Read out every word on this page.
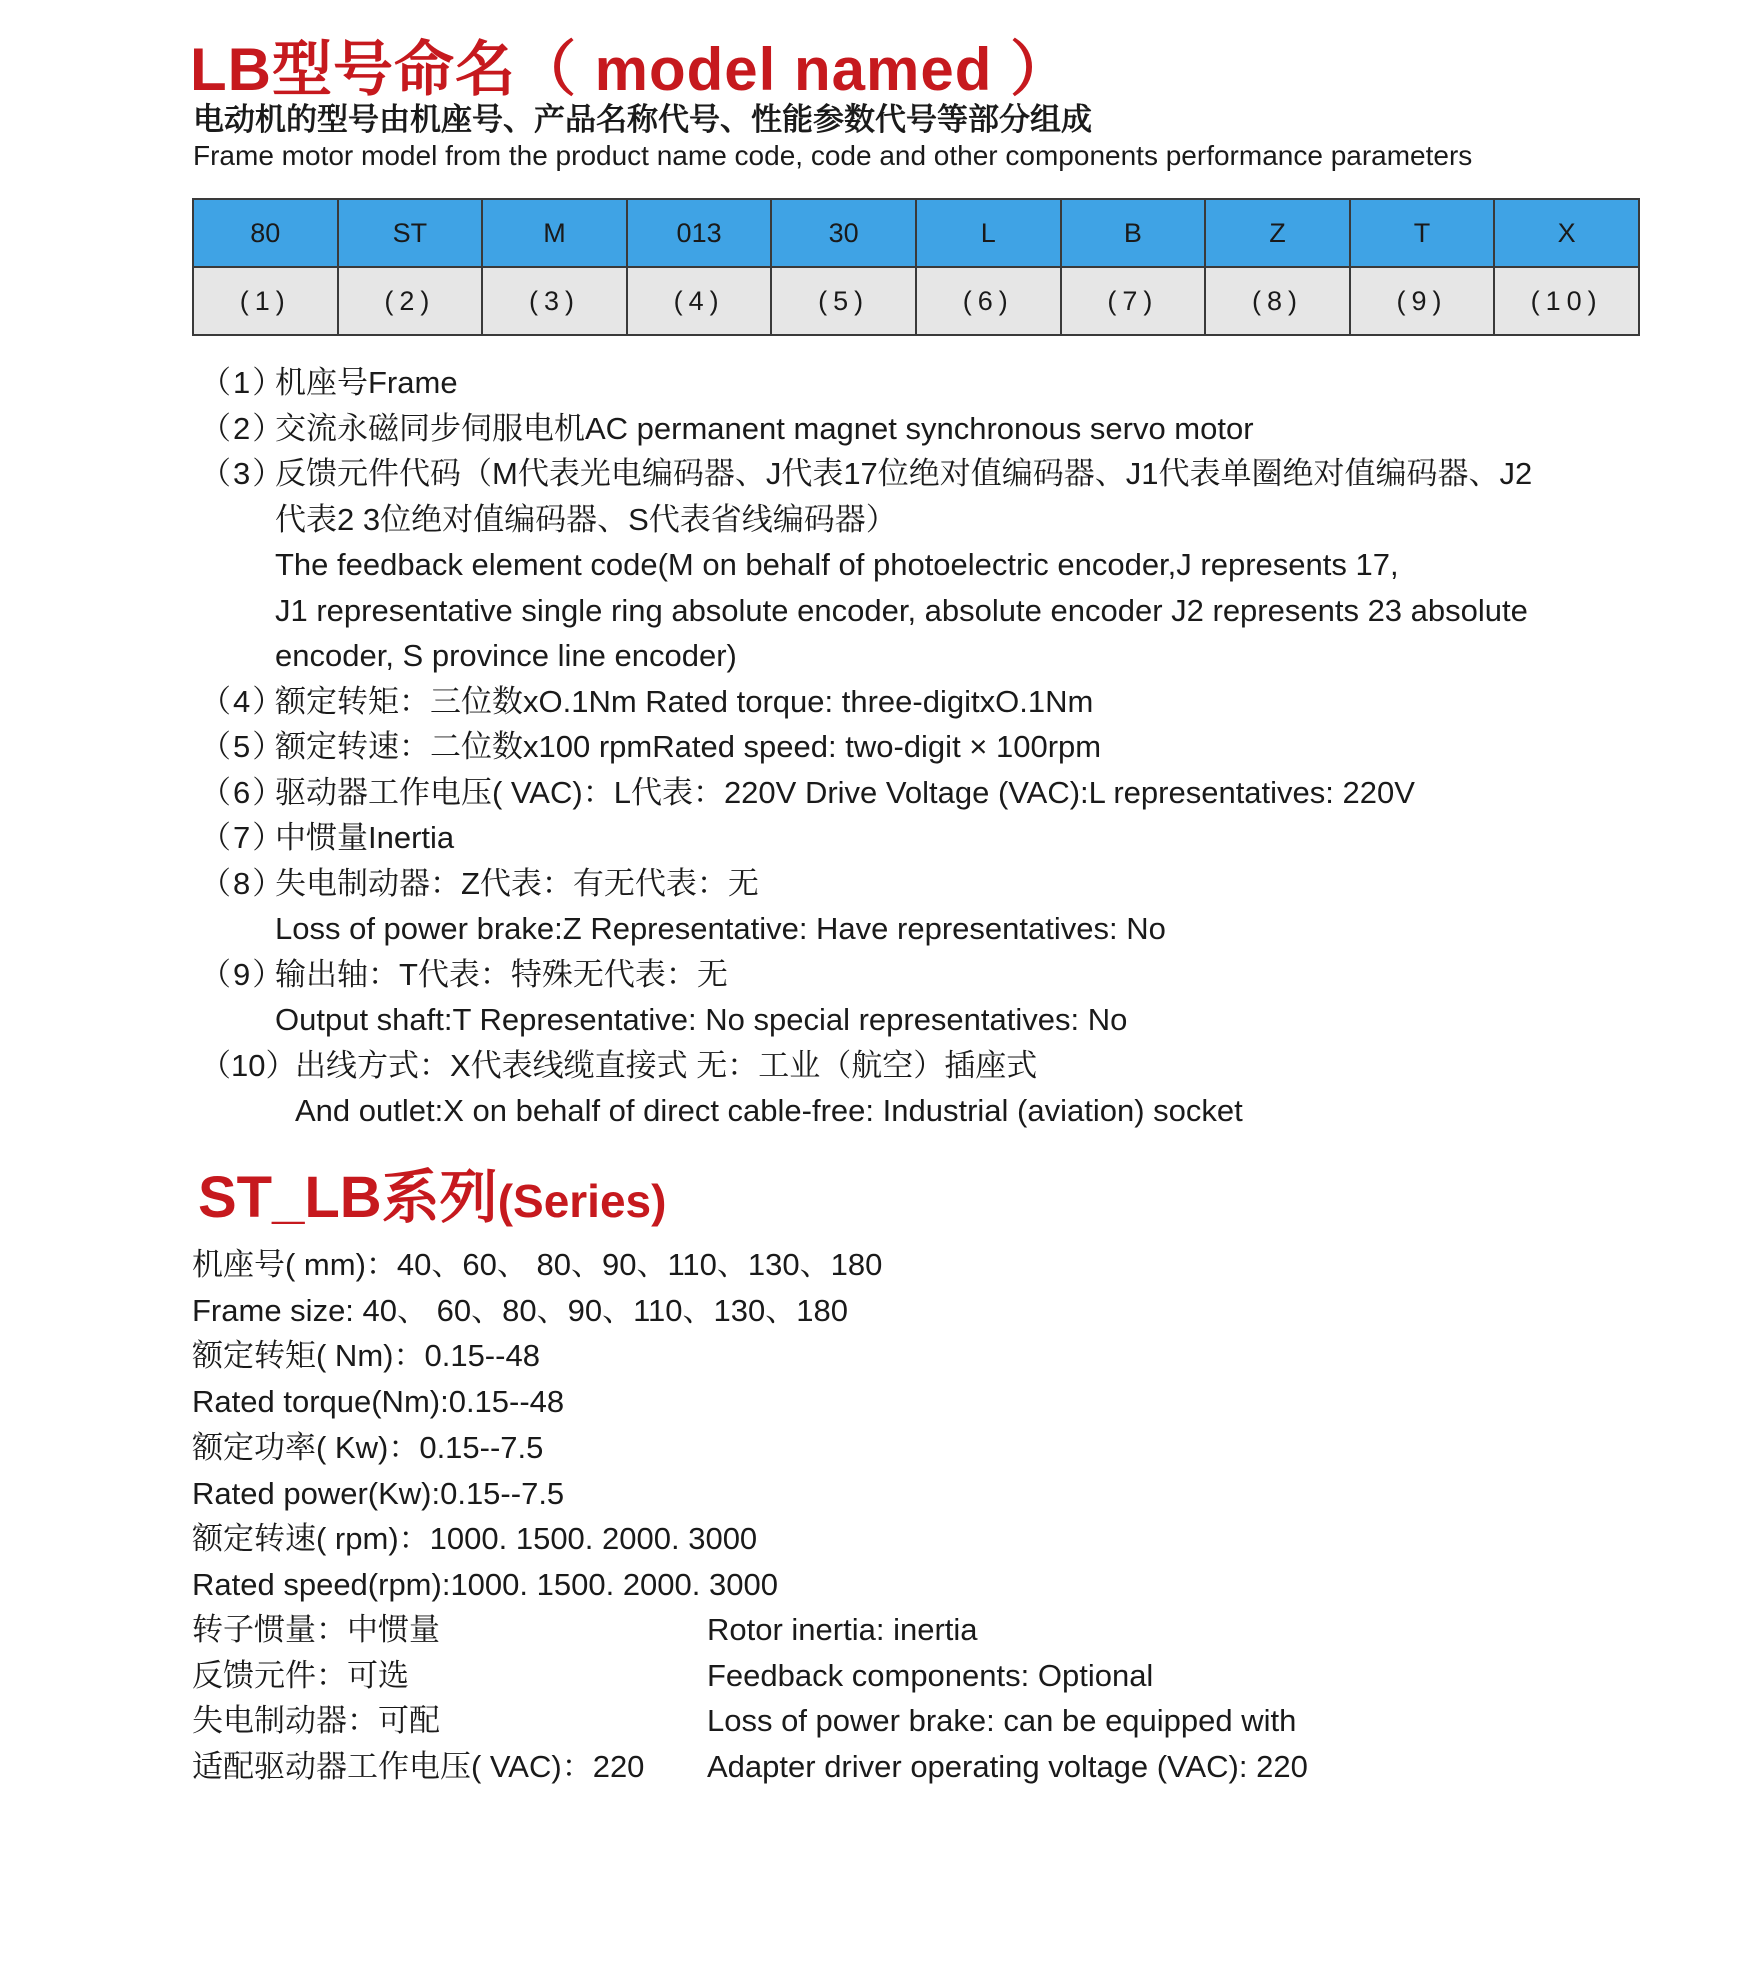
LB型号命名（ model named ）
电动机的型号由机座号、产品名称代号、性能参数代号等部分组成
Frame motor model from the product name code, code and other components performance parameters
80	ST	M	013	30	L	B	Z	T	X
(1)	(2)	(3)	(4)	(5)	(6)	(7)	(8)	(9)	(10)
（1）
机座号Frame
（2）
交流永磁同步伺服电机AC permanent magnet synchronous servo motor
（3）
反馈元件代码（M代表光电编码器、J代表17位绝对值编码器、J1代表单圈绝对值编码器、J2
代表2 3位绝对值编码器、S代表省线编码器）
The feedback element code(M on behalf of photoelectric encoder,J represents 17,
J1 representative single ring absolute encoder, absolute encoder J2 represents 23 absolute
encoder, S province line encoder)
（4）
额定转矩：三位数xO.1Nm Rated torque: three-digitxO.1Nm
（5）
额定转速：二位数x100 rpmRated speed: two-digit × 100rpm
（6）
驱动器工作电压( VAC)：L代表：220V Drive Voltage (VAC):L representatives: 220V
（7）
中惯量Inertia
（8）
失电制动器：Z代表：有无代表：无
Loss of power brake:Z Representative: Have representatives: No
（9）
输出轴：T代表：特殊无代表：无
Output shaft:T Representative: No special representatives: No
（10）
出线方式：X代表线缆直接式 无：工业（航空）插座式
And outlet:X on behalf of direct cable-free: Industrial (aviation) socket
ST_LB系列(Series)
机座号( mm)：40、60、 80、90、110、130、180
Frame size: 40、 60、80、90、110、130、180
额定转矩( Nm)：0.15--48
Rated torque(Nm):0.15--48
额定功率( Kw)：0.15--7.5
Rated power(Kw):0.15--7.5
额定转速( rpm)：1000. 1500. 2000. 3000
Rated speed(rpm):1000. 1500. 2000. 3000
转子惯量：中惯量	Rotor inertia: inertia
反馈元件：可选	Feedback components: Optional
失电制动器：可配	Loss of power brake: can be equipped with
适配驱动器工作电压( VAC)：220	Adapter driver operating voltage (VAC): 220
